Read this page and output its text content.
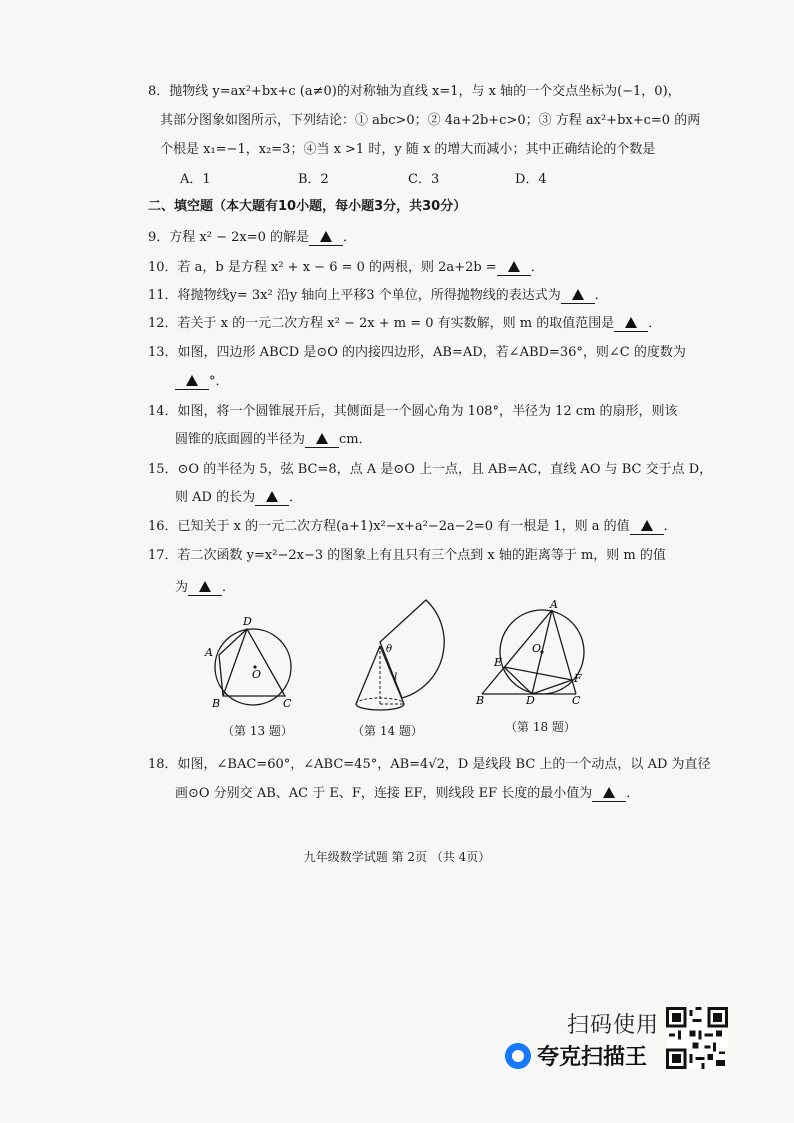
8．抛物线 y=ax²+bx+c (a≠0)的对称轴为直线 x=1，与 x 轴的一个交点坐标为(−1，0)，
其部分图象如图所示，下列结论：① abc>0；② 4a+2b+c>0；③ 方程 ax²+bx+c=0 的两
个根是 x₁=−1，x₂=3；④当 x >1 时，y 随 x 的增大而减小；其中正确结论的个数是
A．1	B．2	C．3	D．4
二、填空题（本大题有10小题，每小题3分，共30分）
9．方程 x² − 2x=0 的解是	．
10．若 a，b 是方程 x² + x − 6 = 0 的两根，则 2a+2b =	．
11．将抛物线y= 3x² 沿y 轴向上平移3 个单位，所得抛物线的表达式为	．
12．若关于 x 的一元二次方程 x² − 2x + m = 0 有实数解，则 m 的取值范围是	．
13．如图，四边形 ABCD 是⊙O 的内接四边形，AB=AD，若∠ABD=36°，则∠C 的度数为
°．
14．如图，将一个圆锥展开后，其侧面是一个圆心角为 108°，半径为 12 cm 的扇形，则该
圆锥的底面圆的半径为	cm．
15．⊙O 的半径为 5，弦 BC=8，点 A 是⊙O 上一点，且 AB=AC，直线 AO 与 BC 交于点 D，
则 AD 的长为	．
16．已知关于 x 的一元二次方程(a+1)x²−x+a²−2a−2=0 有一根是 1，则 a 的值	．
17．若二次函数 y=x²−2x−3 的图象上有且只有三个点到 x 轴的距离等于 m，则 m 的值
为	．
D
A
O
B	C
（第 13 题）
θ
l
（第 14 题）
A
O
E
F
B	D	C
（第 18 题）
18．如图，∠BAC=60°，∠ABC=45°，AB=4√2，D 是线段 BC 上的一个动点，以 AD 为直径
画⊙O 分别交 AB、AC 于 E、F，连接 EF，则线段 EF 长度的最小值为	．
九年级数学试题 第 2页 （共 4页）
扫码使用
夸克扫描王
